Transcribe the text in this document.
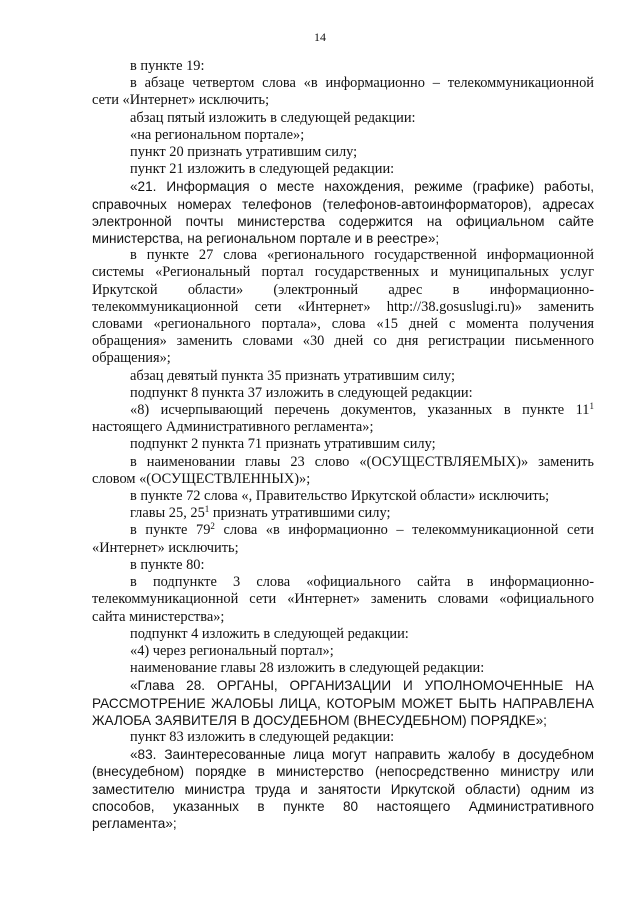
14

в пункте 19:

в абзаце четвертом слова «в информационно – телекоммуникационной сети «Интернет» исключить;

абзац пятый изложить в следующей редакции:

«на региональном портале»;

пункт 20 признать утратившим силу;

пункт 21 изложить в следующей редакции:

«21. Информация о месте нахождения, режиме (графике) работы, справочных номерах телефонов (телефонов-автоинформаторов), адресах электронной почты министерства содержится на официальном сайте министерства, на региональном портале и в реестре»;

в пункте 27 слова «регионального государственной информационной системы «Региональный портал государственных и муниципальных услуг Иркутской области» (электронный адрес в информационно-телекоммуникационной сети «Интернет» http://38.gosuslugi.ru)» заменить словами «регионального портала», слова «15 дней с момента получения обращения» заменить словами «30 дней со дня регистрации письменного обращения»;

абзац девятый пункта 35 признать утратившим силу;

подпункт 8 пункта 37 изложить в следующей редакции:

«8) исчерпывающий перечень документов, указанных в пункте $11^1$ настоящего Административного регламента»;

подпункт 2 пункта 71 признать утратившим силу;

в наименовании главы 23 слово «(ОСУЩЕСТВЛЯЕМЫХ)» заменить словом «(ОСУЩЕСТВЛЕННЫХ)»;

в пункте 72 слова «, Правительство Иркутской области» исключить;

главы 25, $25^1$ признать утратившими силу;

в пункте $79^2$ слова «в информационно – телекоммуникационной сети «Интернет» исключить;

в пункте 80:

в подпункте 3 слова «официального сайта в информационно-телекоммуникационной сети «Интернет» заменить словами «официального сайта министерства»;

подпункт 4 изложить в следующей редакции:

«4) через региональный портал»;

наименование главы 28 изложить в следующей редакции:

«Глава 28. ОРГАНЫ, ОРГАНИЗАЦИИ И УПОЛНОМОЧЕННЫЕ НА РАССМОТРЕНИЕ ЖАЛОБЫ ЛИЦА, КОТОРЫМ МОЖЕТ БЫТЬ НАПРАВЛЕНА ЖАЛОБА ЗАЯВИТЕЛЯ В ДОСУДЕБНОМ (ВНЕСУДЕБНОМ) ПОРЯДКЕ»;

пункт 83 изложить в следующей редакции:

«83. Заинтересованные лица могут направить жалобу в досудебном (внесудебном) порядке в министерство (непосредственно министру или заместителю министра труда и занятости Иркутской области) одним из способов, указанных в пункте 80 настоящего Административного регламента»;
